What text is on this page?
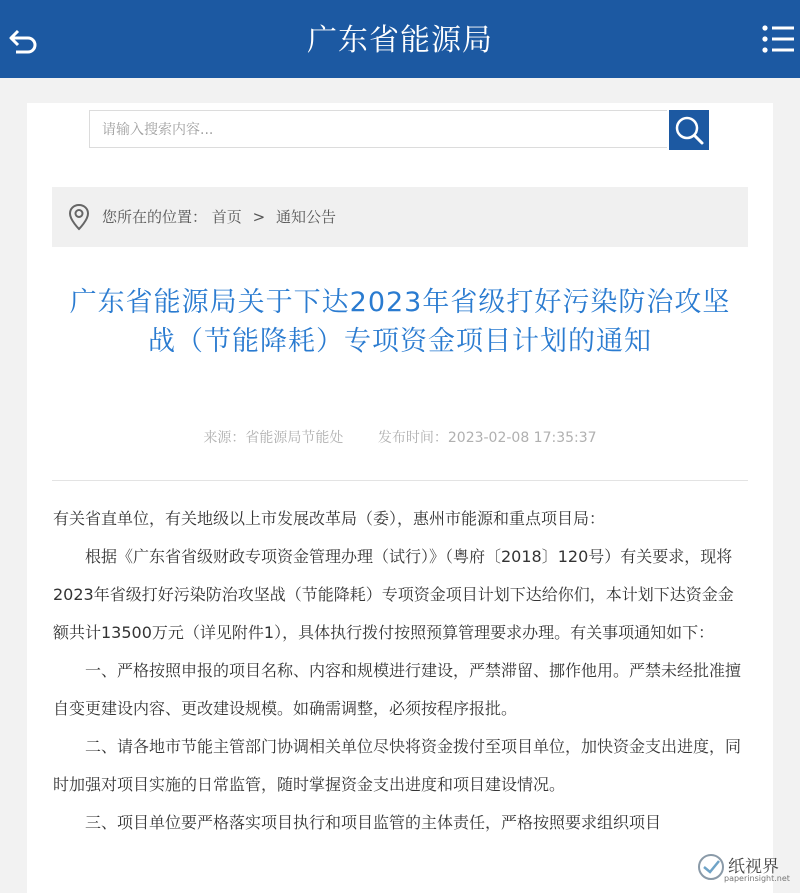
广东省能源局
请输入搜索内容...
您所在的位置： 首页 > 通知公告
广东省能源局关于下达2023年省级打好污染防治攻坚战（节能降耗）专项资金项目计划的通知
来源：省能源局节能处 发布时间：2023-02-08 17:35:37

有关省直单位，有关地级以上市发展改革局（委），惠州市能源和重点项目局：

根据《广东省省级财政专项资金管理办理（试行）》（粤府〔2018〕120号）有关要求，现将2023年省级打好污染防治攻坚战（节能降耗）专项资金项目计划下达给你们，本计划下达资金金额共计13500万元（详见附件1），具体执行拨付按照预算管理要求办理。有关事项通知如下：

一、严格按照申报的项目名称、内容和规模进行建设，严禁滞留、挪作他用。严禁未经批准擅自变更建设内容、更改建设规模。如确需调整，必须按程序报批。

二、请各地市节能主管部门协调相关单位尽快将资金拨付至项目单位，加快资金支出进度，同时加强对项目实施的日常监管，随时掌握资金支出进度和项目建设情况。

三、项目单位要严格落实项目执行和项目监管的主体责任，严格按照要求组织项目

纸视界
paperinsight.net
